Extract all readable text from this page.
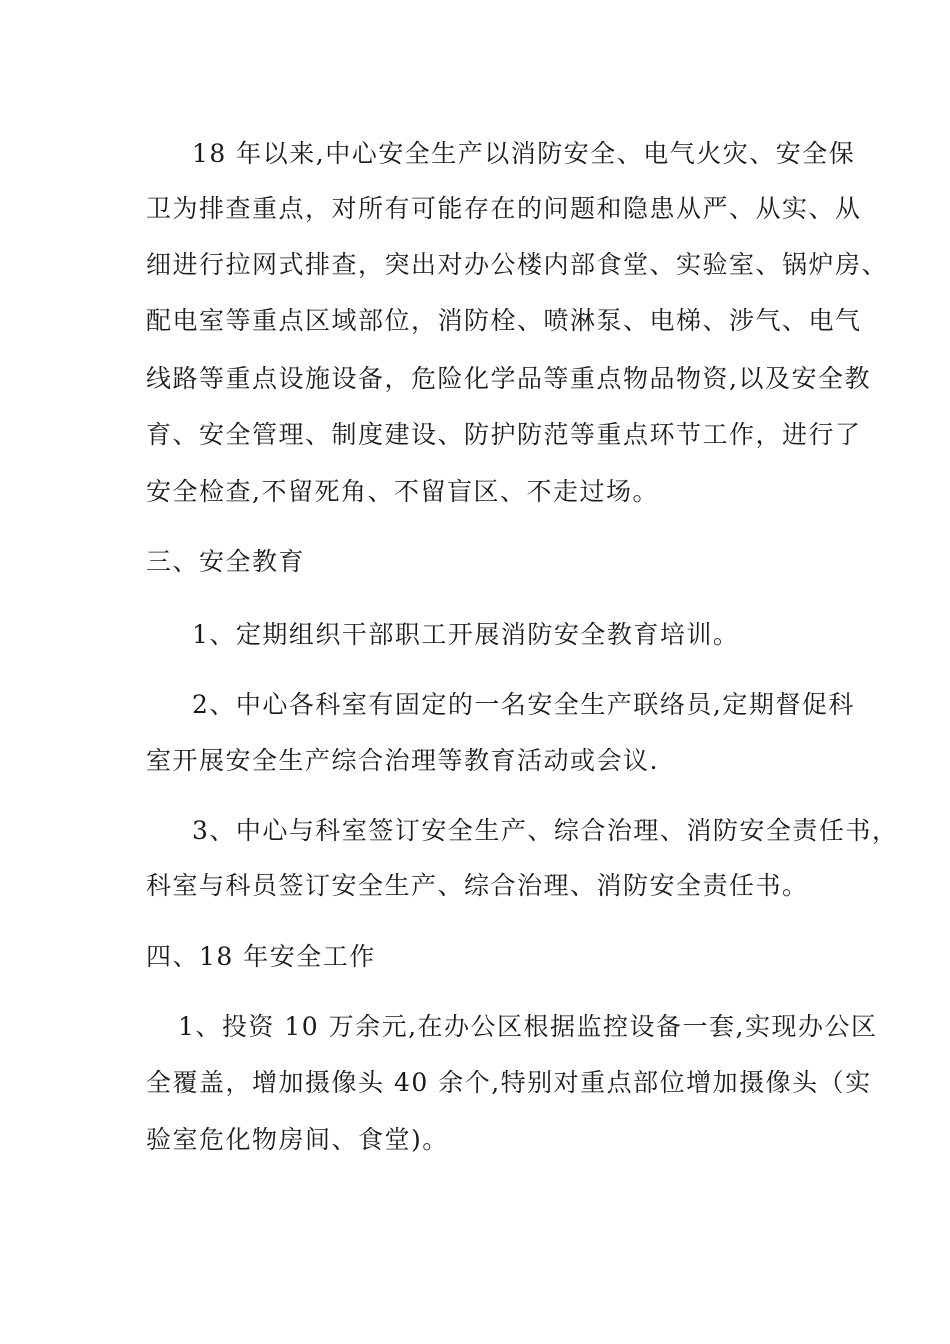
18 年以来,中心安全生产以消防安全、电气火灾、安全保
卫为排查重点，对所有可能存在的问题和隐患从严、从实、从
细进行拉网式排查，突出对办公楼内部食堂、实验室、锅炉房、
配电室等重点区域部位，消防栓、喷淋泵、电梯、涉气、电气
线路等重点设施设备，危险化学品等重点物品物资,以及安全教
育、安全管理、制度建设、防护防范等重点环节工作，进行了
安全检查,不留死角、不留盲区、不走过场。
三、安全教育
1、定期组织干部职工开展消防安全教育培训。
2、中心各科室有固定的一名安全生产联络员,定期督促科
室开展安全生产综合治理等教育活动或会议.
3、中心与科室签订安全生产、综合治理、消防安全责任书，
科室与科员签订安全生产、综合治理、消防安全责任书。
四、18 年安全工作
1、投资 10 万余元,在办公区根据监控设备一套,实现办公区
全覆盖，增加摄像头 40 余个,特别对重点部位增加摄像头（实
验室危化物房间、食堂)。
